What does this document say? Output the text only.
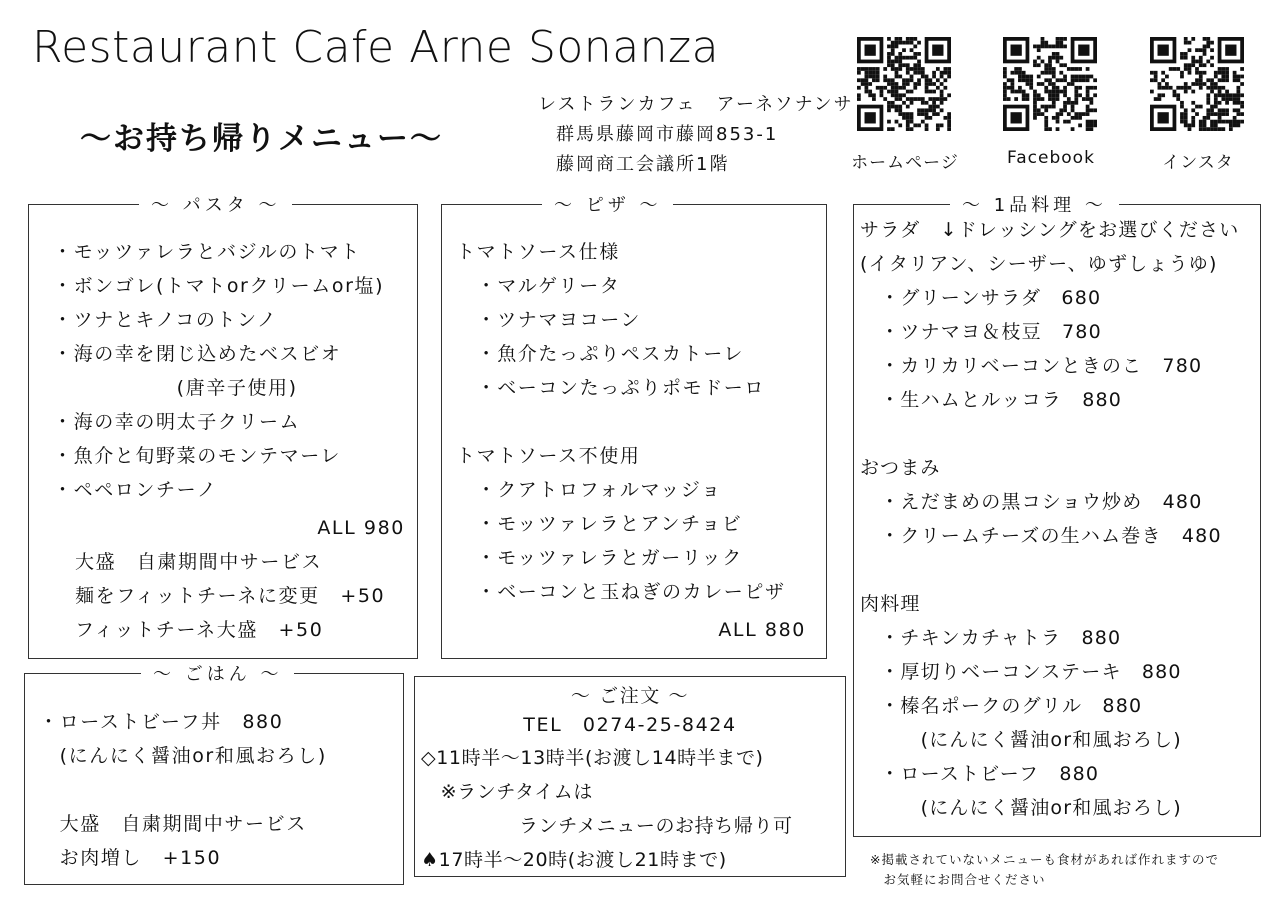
Restaurant Cafe Arne Sonanza
〜お持ち帰りメニュー〜
レストランカフェ　アーネソナンサ
群馬県藤岡市藤岡853-1
藤岡商工会議所1階	ホームページ	Facebook	インスタ
〜 パスタ 〜
・モッツァレラとバジルのトマト
・ボンゴレ(トマトorクリームor塩)
・ツナとキノコのトンノ
・海の幸を閉じ込めたベスビオ
　　　　　　(唐辛子使用)
・海の幸の明太子クリーム
・魚介と旬野菜のモンテマーレ
・ペペロンチーノ
ALL 980
大盛　自粛期間中サービス
麺をフィットチーネに変更　+50
フィットチーネ大盛　+50
〜 ピザ 〜
トマトソース仕様
　・マルゲリータ
　・ツナマヨコーン
　・魚介たっぷりペスカトーレ
　・ベーコンたっぷりポモドーロ
トマトソース不使用
　・クアトロフォルマッジョ
　・モッツァレラとアンチョビ
　・モッツァレラとガーリック
　・ベーコンと玉ねぎのカレーピザ
ALL 880
〜 ごはん 〜
・ローストビーフ丼　880
　(にんにく醤油or和風おろし)
　大盛　自粛期間中サービス
　お肉増し　+150
〜 ご注文 〜
TEL　0274-25-8424
◇11時半〜13時半(お渡し14時半まで)
　※ランチタイムは
　　　　　ランチメニューのお持ち帰り可
♠17時半〜20時(お渡し21時まで)
〜 1品料理 〜
サラダ　↓ドレッシングをお選びください
(イタリアン、シーザー、ゆずしょうゆ)
　・グリーンサラダ　680
　・ツナマヨ＆枝豆　780
　・カリカリベーコンときのこ　780
　・生ハムとルッコラ　880
おつまみ
　・えだまめの黒コショウ炒め　480
　・クリームチーズの生ハム巻き　480
肉料理
　・チキンカチャトラ　880
　・厚切りベーコンステーキ　880
　・榛名ポークのグリル　880
　　　(にんにく醤油or和風おろし)
　・ローストビーフ　880
　　　(にんにく醤油or和風おろし)
※掲載されていないメニューも食材があれば作れますので
　お気軽にお問合せください
